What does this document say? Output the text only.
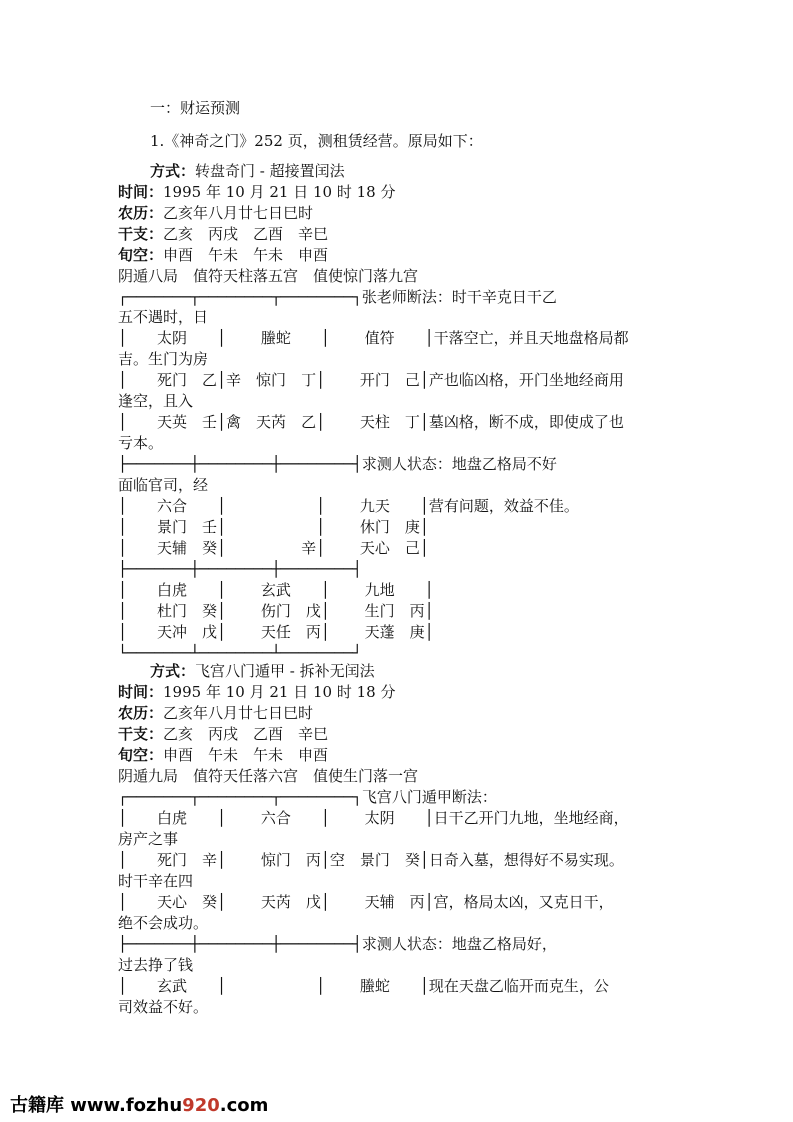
一：财运预测
1.《神奇之门》252 页，测租赁经营。原局如下：
方式：转盘奇门 - 超接置闰法
时间：1995 年 10 月 21 日 10 时 18 分
农历：乙亥年八月廿七日巳时
干支：乙亥　丙戌　乙酉　辛巳
旬空：申酉　午未　午未　申酉
阴遁八局　值符天柱落五宫　值使惊门落九宫
┌───────┬────────┬────────┐张老师断法：时干辛克日干乙
五不遇时，日
│　　太阴　　│　　 螣蛇　　│　　 值符　　│干落空亡，并且天地盘格局都
吉。生门为房
│　　死门　乙│辛　惊门　丁│　　 开门　己│产也临凶格，开门坐地经商用
逢空，且入
│　　天英　壬│禽　天芮　乙│　　 天柱　丁│墓凶格，断不成，即使成了也
亏本。
├───────┼────────┼────────┤求测人状态：地盘乙格局不好
面临官司，经
│　　六合　　│　　　　　　│　　 九天　　│营有问题，效益不佳。
│　　景门　壬│　　　　　　│　　 休门　庚│
│　　天辅　癸│　　　　　辛│　　 天心　己│
├───────┼────────┼────────┤
│　　白虎　　│　　 玄武　　│　　 九地　　│
│　　杜门　癸│　　 伤门　戊│　　 生门　丙│
│　　天冲　戊│　　 天任　丙│　　 天蓬　庚│
└───────┴────────┴────────┘
方式：飞宫八门遁甲 - 拆补无闰法
时间：1995 年 10 月 21 日 10 时 18 分
农历：乙亥年八月廿七日巳时
干支：乙亥　丙戌　乙酉　辛巳
旬空：申酉　午未　午未　申酉
阴遁九局　值符天任落六宫　值使生门落一宫
┌───────┬────────┬────────┐飞宫八门遁甲断法：
│　　白虎　　│　　 六合　　│　　 太阴　　│日干乙开门九地，坐地经商，
房产之事
│　　死门　辛│　　 惊门　丙│空　景门　癸│日奇入墓，想得好不易实现。
时干辛在四
│　　天心　癸│　　 天芮　戊│　　 天辅　丙│宫，格局太凶，又克日干，
绝不会成功。
├───────┼────────┼────────┤求测人状态：地盘乙格局好，
过去挣了钱
│　　玄武　　│　　　　　　│　　 螣蛇　　│现在天盘乙临开而克生，公
司效益不好。
古籍库 www.fozhu920.com
